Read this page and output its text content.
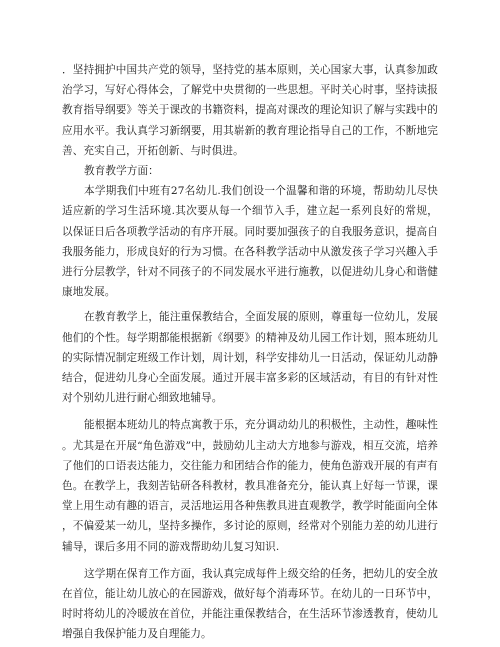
．坚持拥护中国共产党的领导，坚持党的基本原则，关心国家大事，认真参加政治学习，写好心得体会，了解党中央贯彻的一些思想。平时关心时事，坚持读报教育指导纲要》等关于课改的书籍资料，提高对课改的理论知识了解与实践中的应用水平。我认真学习新纲要，用其崭新的教育理论指导自己的工作，不断地完善、充实自己，开拓创新、与时俱进。

教育教学方面：

本学期我们中班有27名幼儿.我们创设一个温馨和谐的环境，帮助幼儿尽快适应新的学习生活环境.其次要从每一个细节入手，建立起一系列良好的常规，以保证日后各项教学活动的有序开展。同时要加强孩子的自我服务意识，提高自我服务能力，形成良好的行为习惯。在各科教学活动中从激发孩子学习兴趣入手进行分层教学，针对不同孩子的不同发展水平进行施教，以促进幼儿身心和谐健康地发展。

在教育教学上，能注重保教结合，全面发展的原则，尊重每一位幼儿，发展他们的个性。每学期都能根据新《纲要》的精神及幼儿园工作计划，照本班幼儿的实际情况制定班级工作计划，周计划，科学安排幼儿一日活动，保证幼儿动静结合，促进幼儿身心全面发展。通过开展丰富多彩的区域活动，有目的有针对性对个别幼儿进行耐心细致地辅导。

能根据本班幼儿的特点寓教于乐，充分调动幼儿的积极性，主动性，趣味性。尤其是在开展“角色游戏”中，鼓励幼儿主动大方地参与游戏，相互交流，培养了他们的口语表达能力，交往能力和团结合作的能力，使角色游戏开展的有声有色。在教学上，我刻苦钻研各科教材，教具准备充分，能认真上好每一节课，课堂上用生动有趣的语言，灵活地运用各种焦教具进直观教学，教学时能面向全体，不偏爱某一幼儿，坚持多操作，多讨论的原则，经常对个别能力差的幼儿进行辅导，课后多用不同的游戏帮助幼儿复习知识.

这学期在保育工作方面，我认真完成每件上级交给的任务，把幼儿的安全放在首位，能让幼儿放心的在园游戏，做好每个消毒环节。在幼儿的一日环节中，时时将幼儿的冷暖放在首位，并能注重保教结合，在生活环节渗透教育，使幼儿增强自我保护能力及自理能力。
